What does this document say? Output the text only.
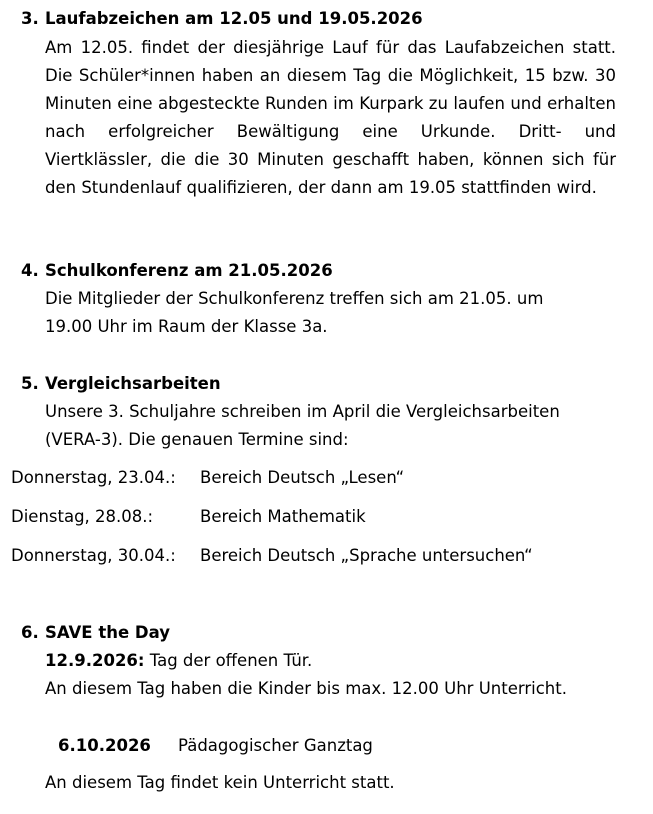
3. Laufabzeichen am 12.05 und 19.05.2026
Am 12.05. findet der diesjährige Lauf für das Laufabzeichen statt. Die Schüler*innen haben an diesem Tag die Möglichkeit, 15 bzw. 30 Minuten eine abgesteckte Runden im Kurpark zu laufen und erhalten nach erfolgreicher Bewältigung eine Urkunde. Dritt- und Viertklässler, die die 30 Minuten geschafft haben, können sich für den Stundenlauf qualifizieren, der dann am 19.05 stattfinden wird.
4. Schulkonferenz am 21.05.2026
Die Mitglieder der Schulkonferenz treffen sich am 21.05. um
19.00 Uhr im Raum der Klasse 3a.
5. Vergleichsarbeiten
Unsere 3. Schuljahre schreiben im April die Vergleichsarbeiten
(VERA-3). Die genauen Termine sind:
Donnerstag, 23.04.: Bereich Deutsch „Lesen“
Dienstag, 28.08.:	Bereich Mathematik
Donnerstag, 30.04.: Bereich Deutsch „Sprache untersuchen“
6. SAVE the Day
12.9.2026: Tag der offenen Tür.
An diesem Tag haben die Kinder bis max. 12.00 Uhr Unterricht.
6.10.2026 Pädagogischer Ganztag
An diesem Tag findet kein Unterricht statt.
